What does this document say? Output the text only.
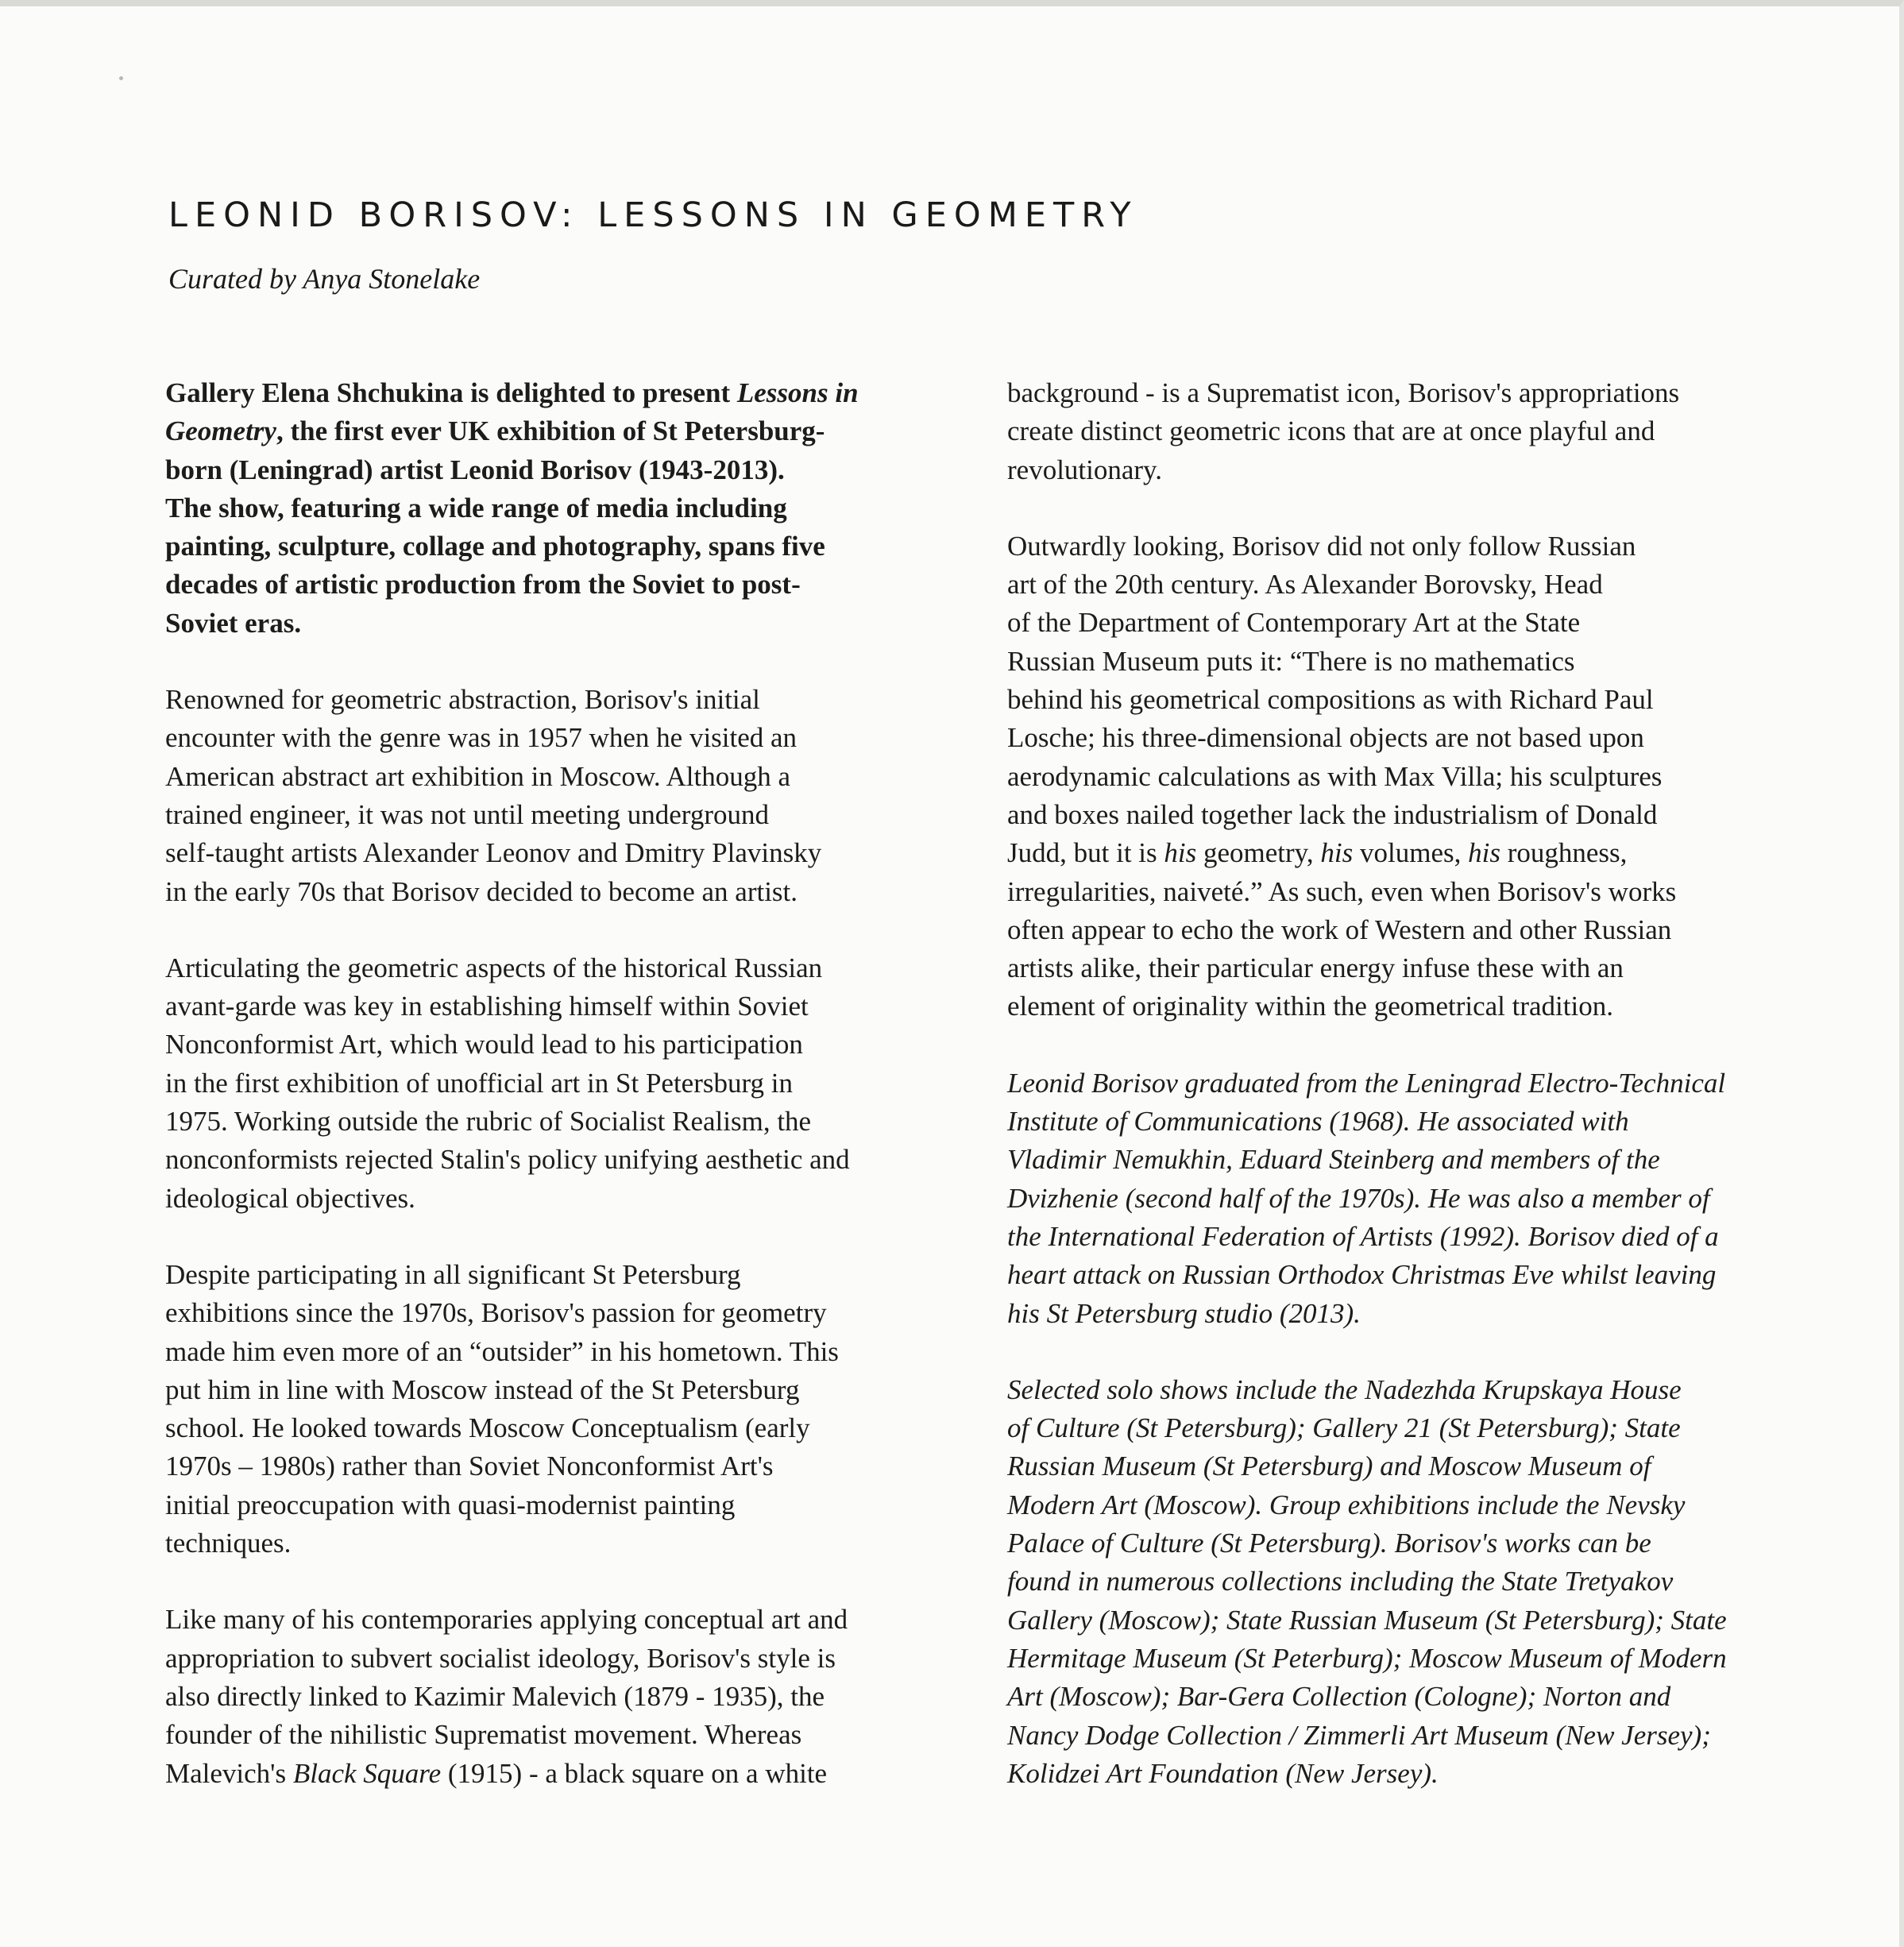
LEONID BORISOV: LESSONS IN GEOMETRY
Curated by Anya Stonelake

Gallery Elena Shchukina is delighted to present Lessons in
Geometry, the first ever UK exhibition of St Petersburg-
born (Leningrad) artist Leonid Borisov (1943-2013).
The show, featuring a wide range of media including
painting, sculpture, collage and photography, spans five
decades of artistic production from the Soviet to post-
Soviet eras.

Renowned for geometric abstraction, Borisov's initial
encounter with the genre was in 1957 when he visited an
American abstract art exhibition in Moscow. Although a
trained engineer, it was not until meeting underground
self-taught artists Alexander Leonov and Dmitry Plavinsky
in the early 70s that Borisov decided to become an artist.

Articulating the geometric aspects of the historical Russian
avant-garde was key in establishing himself within Soviet
Nonconformist Art, which would lead to his participation
in the first exhibition of unofficial art in St Petersburg in
1975. Working outside the rubric of Socialist Realism, the
nonconformists rejected Stalin's policy unifying aesthetic and
ideological objectives.

Despite participating in all significant St Petersburg
exhibitions since the 1970s, Borisov's passion for geometry
made him even more of an “outsider” in his hometown. This
put him in line with Moscow instead of the St Petersburg
school. He looked towards Moscow Conceptualism (early
1970s – 1980s) rather than Soviet Nonconformist Art's
initial preoccupation with quasi-modernist painting
techniques.

Like many of his contemporaries applying conceptual art and
appropriation to subvert socialist ideology, Borisov's style is
also directly linked to Kazimir Malevich (1879 - 1935), the
founder of the nihilistic Suprematist movement. Whereas
Malevich's Black Square (1915) - a black square on a white

background - is a Suprematist icon, Borisov's appropriations
create distinct geometric icons that are at once playful and
revolutionary.

Outwardly looking, Borisov did not only follow Russian
art of the 20th century. As Alexander Borovsky, Head
of the Department of Contemporary Art at the State
Russian Museum puts it: “There is no mathematics
behind his geometrical compositions as with Richard Paul
Losche; his three-dimensional objects are not based upon
aerodynamic calculations as with Max Villa; his sculptures
and boxes nailed together lack the industrialism of Donald
Judd, but it is his geometry, his volumes, his roughness,
irregularities, naiveté.” As such, even when Borisov's works
often appear to echo the work of Western and other Russian
artists alike, their particular energy infuse these with an
element of originality within the geometrical tradition.

Leonid Borisov graduated from the Leningrad Electro-Technical
Institute of Communications (1968). He associated with
Vladimir Nemukhin, Eduard Steinberg and members of the
Dvizhenie (second half of the 1970s). He was also a member of
the International Federation of Artists (1992). Borisov died of a
heart attack on Russian Orthodox Christmas Eve whilst leaving
his St Petersburg studio (2013).

Selected solo shows include the Nadezhda Krupskaya House
of Culture (St Petersburg); Gallery 21 (St Petersburg); State
Russian Museum (St Petersburg) and Moscow Museum of
Modern Art (Moscow). Group exhibitions include the Nevsky
Palace of Culture (St Petersburg). Borisov's works can be
found in numerous collections including the State Tretyakov
Gallery (Moscow); State Russian Museum (St Petersburg); State
Hermitage Museum (St Peterburg); Moscow Museum of Modern
Art (Moscow); Bar-Gera Collection (Cologne); Norton and
Nancy Dodge Collection / Zimmerli Art Museum (New Jersey);
Kolidzei Art Foundation (New Jersey).
